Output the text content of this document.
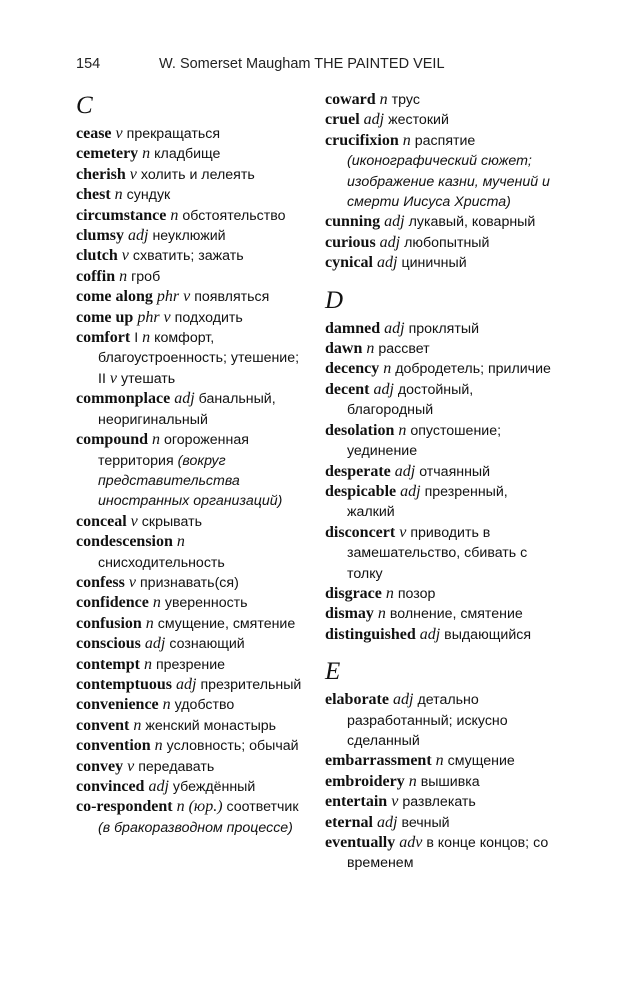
154	W. Somerset Maugham THE PAINTED VEIL
C
cease v прекращаться
cemetery n кладбище
cherish v холить и лелеять
chest n сундук
circumstance n обстоятельство
clumsy adj неуклюжий
clutch v схватить; зажать
coffin n гроб
come along phr v появляться
come up phr v подходить
comfort I n комфорт, благоустроенность; утешение; II v утешать
commonplace adj банальный, неоригинальный
compound n огороженная территория (вокруг представительства иностранных организаций)
conceal v скрывать
condescension n снисходительность
confess v признавать(ся)
confidence n уверенность
confusion n смущение, смятение
conscious adj сознающий
contempt n презрение
contemptuous adj презрительный
convenience n удобство
convent n женский монастырь
convention n условность; обычай
convey v передавать
convinced adj убеждённый
co-respondent n (юр.) соответчик (в бракоразводном процессе)
coward n трус
cruel adj жестокий
crucifixion n распятие (иконографический сюжет; изображение казни, мучений и смерти Иисуса Христа)
cunning adj лукавый, коварный
curious adj любопытный
cynical adj циничный
D
damned adj проклятый
dawn n рассвет
decency n добродетель; приличие
decent adj достойный, благородный
desolation n опустошение; уединение
desperate adj отчаянный
despicable adj презренный, жалкий
disconcert v приводить в замешательство, сбивать с толку
disgrace n позор
dismay n волнение, смятение
distinguished adj выдающийся
E
elaborate adj детально разработанный; искусно сделанный
embarrassment n смущение
embroidery n вышивка
entertain v развлекать
eternal adj вечный
eventually adv в конце концов; со временем
